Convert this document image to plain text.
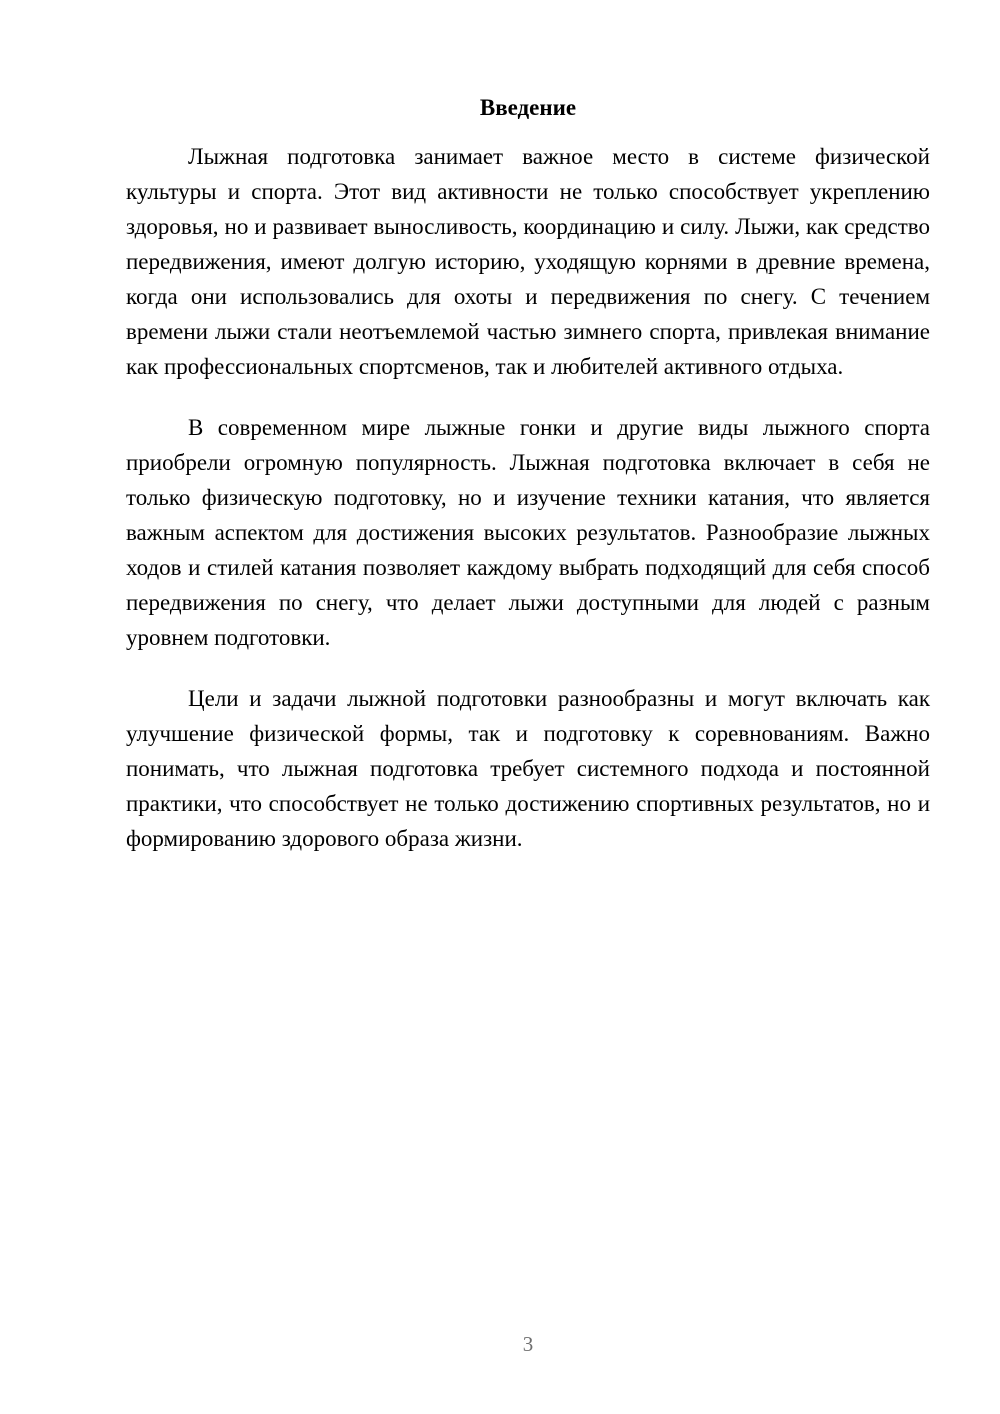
Введение

Лыжная подготовка занимает важное место в системе физической культуры и спорта. Этот вид активности не только способствует укреплению здоровья, но и развивает выносливость, координацию и силу. Лыжи, как средство передвижения, имеют долгую историю, уходящую корнями в древние времена, когда они использовались для охоты и передвижения по снегу. С течением времени лыжи стали неотъемлемой частью зимнего спорта, привлекая внимание как профессиональных спортсменов, так и любителей активного отдыха.

В современном мире лыжные гонки и другие виды лыжного спорта приобрели огромную популярность. Лыжная подготовка включает в себя не только физическую подготовку, но и изучение техники катания, что является важным аспектом для достижения высоких результатов. Разнообразие лыжных ходов и стилей катания позволяет каждому выбрать подходящий для себя способ передвижения по снегу, что делает лыжи доступными для людей с разным уровнем подготовки.

Цели и задачи лыжной подготовки разнообразны и могут включать как улучшение физической формы, так и подготовку к соревнованиям. Важно понимать, что лыжная подготовка требует системного подхода и постоянной практики, что способствует не только достижению спортивных результатов, но и формированию здорового образа жизни.

3
